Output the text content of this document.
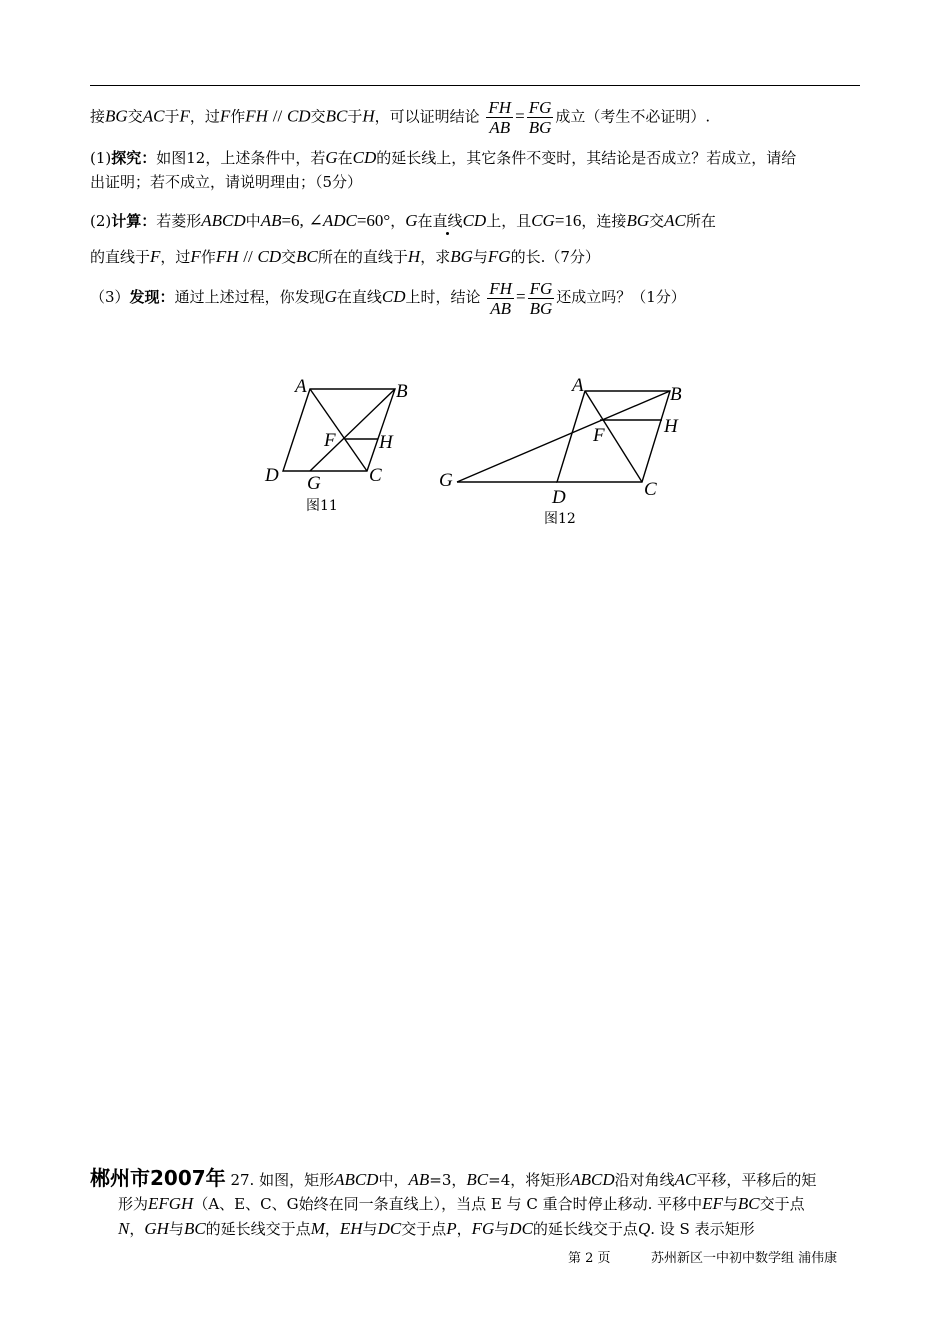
接BG交AC于F，过F作FH // CD交BC于H，可以证明结论 $\frac{FH}{AB} = \frac{FG}{BG}$ 成立（考生不必证明）.
(1)探究：如图12，上述条件中，若G在CD的延长线上，其它条件不变时，其结论是否成立？若成立，请给
出证明；若不成立，请说明理由；（5分）
(2)计算：若菱形ABCD中AB=6, ∠ADC=60°，G在直线CD上，且CG=16，连接BG交AC所在
的直线于F，过F作FH // CD交BC所在的直线于H，求BG与FG的长.（7分）
（3）发现：通过上述过程，你发现G在直线CD上时，结论 $\frac{FH}{AB} = \frac{FG}{BG}$ 还成立吗？（1分）
A	B
C
D
F
G
H
图11
A	B
C
D
F
G
H
图12
郴州市2007年 27. 如图，矩形ABCD中，AB=3，BC=4，将矩形ABCD沿对角线AC平移，平移后的矩
形为EFGH（A、E、C、G始终在同一条直线上），当点 E 与 C 重合时停止移动. 平移中EF与BC交于点
N，GH与BC的延长线交于点M，EH与DC交于点P，FG与DC的延长线交于点Q. 设 S 表示矩形
第 2 页	苏州新区一中初中数学组 浦伟康
